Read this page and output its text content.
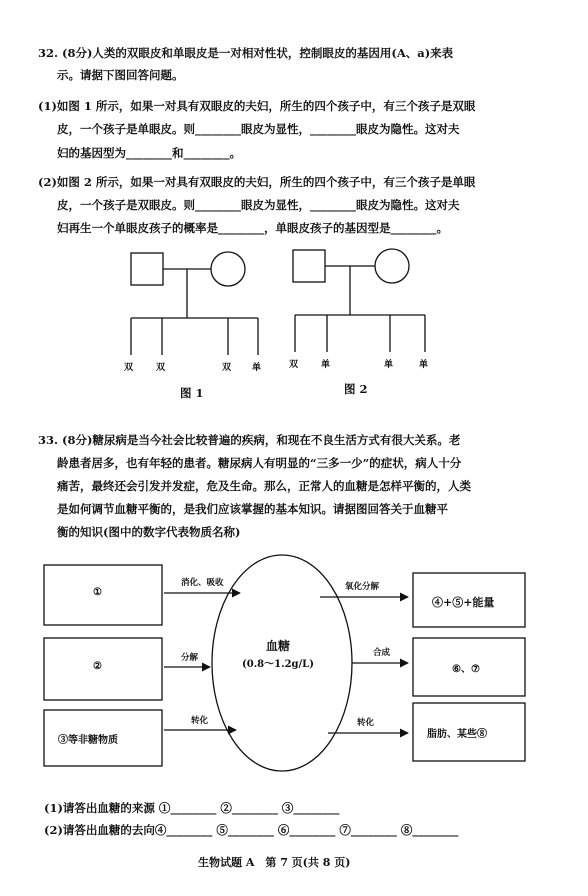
32. (8分)人类的双眼皮和单眼皮是一对相对性状，控制眼皮的基因用(A、a)来表
示。请据下图回答问题。
(1)如图 1 所示，如果一对具有双眼皮的夫妇，所生的四个孩子中，有三个孩子是双眼
皮，一个孩子是单眼皮。则________眼皮为显性，________眼皮为隐性。这对夫
妇的基因型为________和________。
(2)如图 2 所示，如果一对具有双眼皮的夫妇，所生的四个孩子中，有三个孩子是单眼
皮，一个孩子是双眼皮。则________眼皮为显性，________眼皮为隐性。这对夫
妇再生一个单眼皮孩子的概率是________，单眼皮孩子的基因型是________。
双	双	双 单
图 1
双	单	单	单
图 2
33. (8分)糖尿病是当今社会比较普遍的疾病，和现在不良生活方式有很大关系。老
龄患者居多，也有年轻的患者。糖尿病人有明显的“三多一少”的症状，病人十分
痛苦，最终还会引发并发症，危及生命。那么，正常人的血糖是怎样平衡的，人类
是如何调节血糖平衡的，是我们应该掌握的基本知识。请据图回答关于血糖平
衡的知识(图中的数字代表物质名称)
①
②
③等非糖物质
消化、吸收
分解
转化
血糖
(0.8～1.2g/L)
氧化分解
合成
转化
④+⑤+能量
⑥、⑦
脂肪、某些⑧
(1)请答出血糖的来源 ①________ ②________ ③________
(2)请答出血糖的去向④________ ⑤________ ⑥________ ⑦________ ⑧________
生物试题 A　第 7 页(共 8 页)
